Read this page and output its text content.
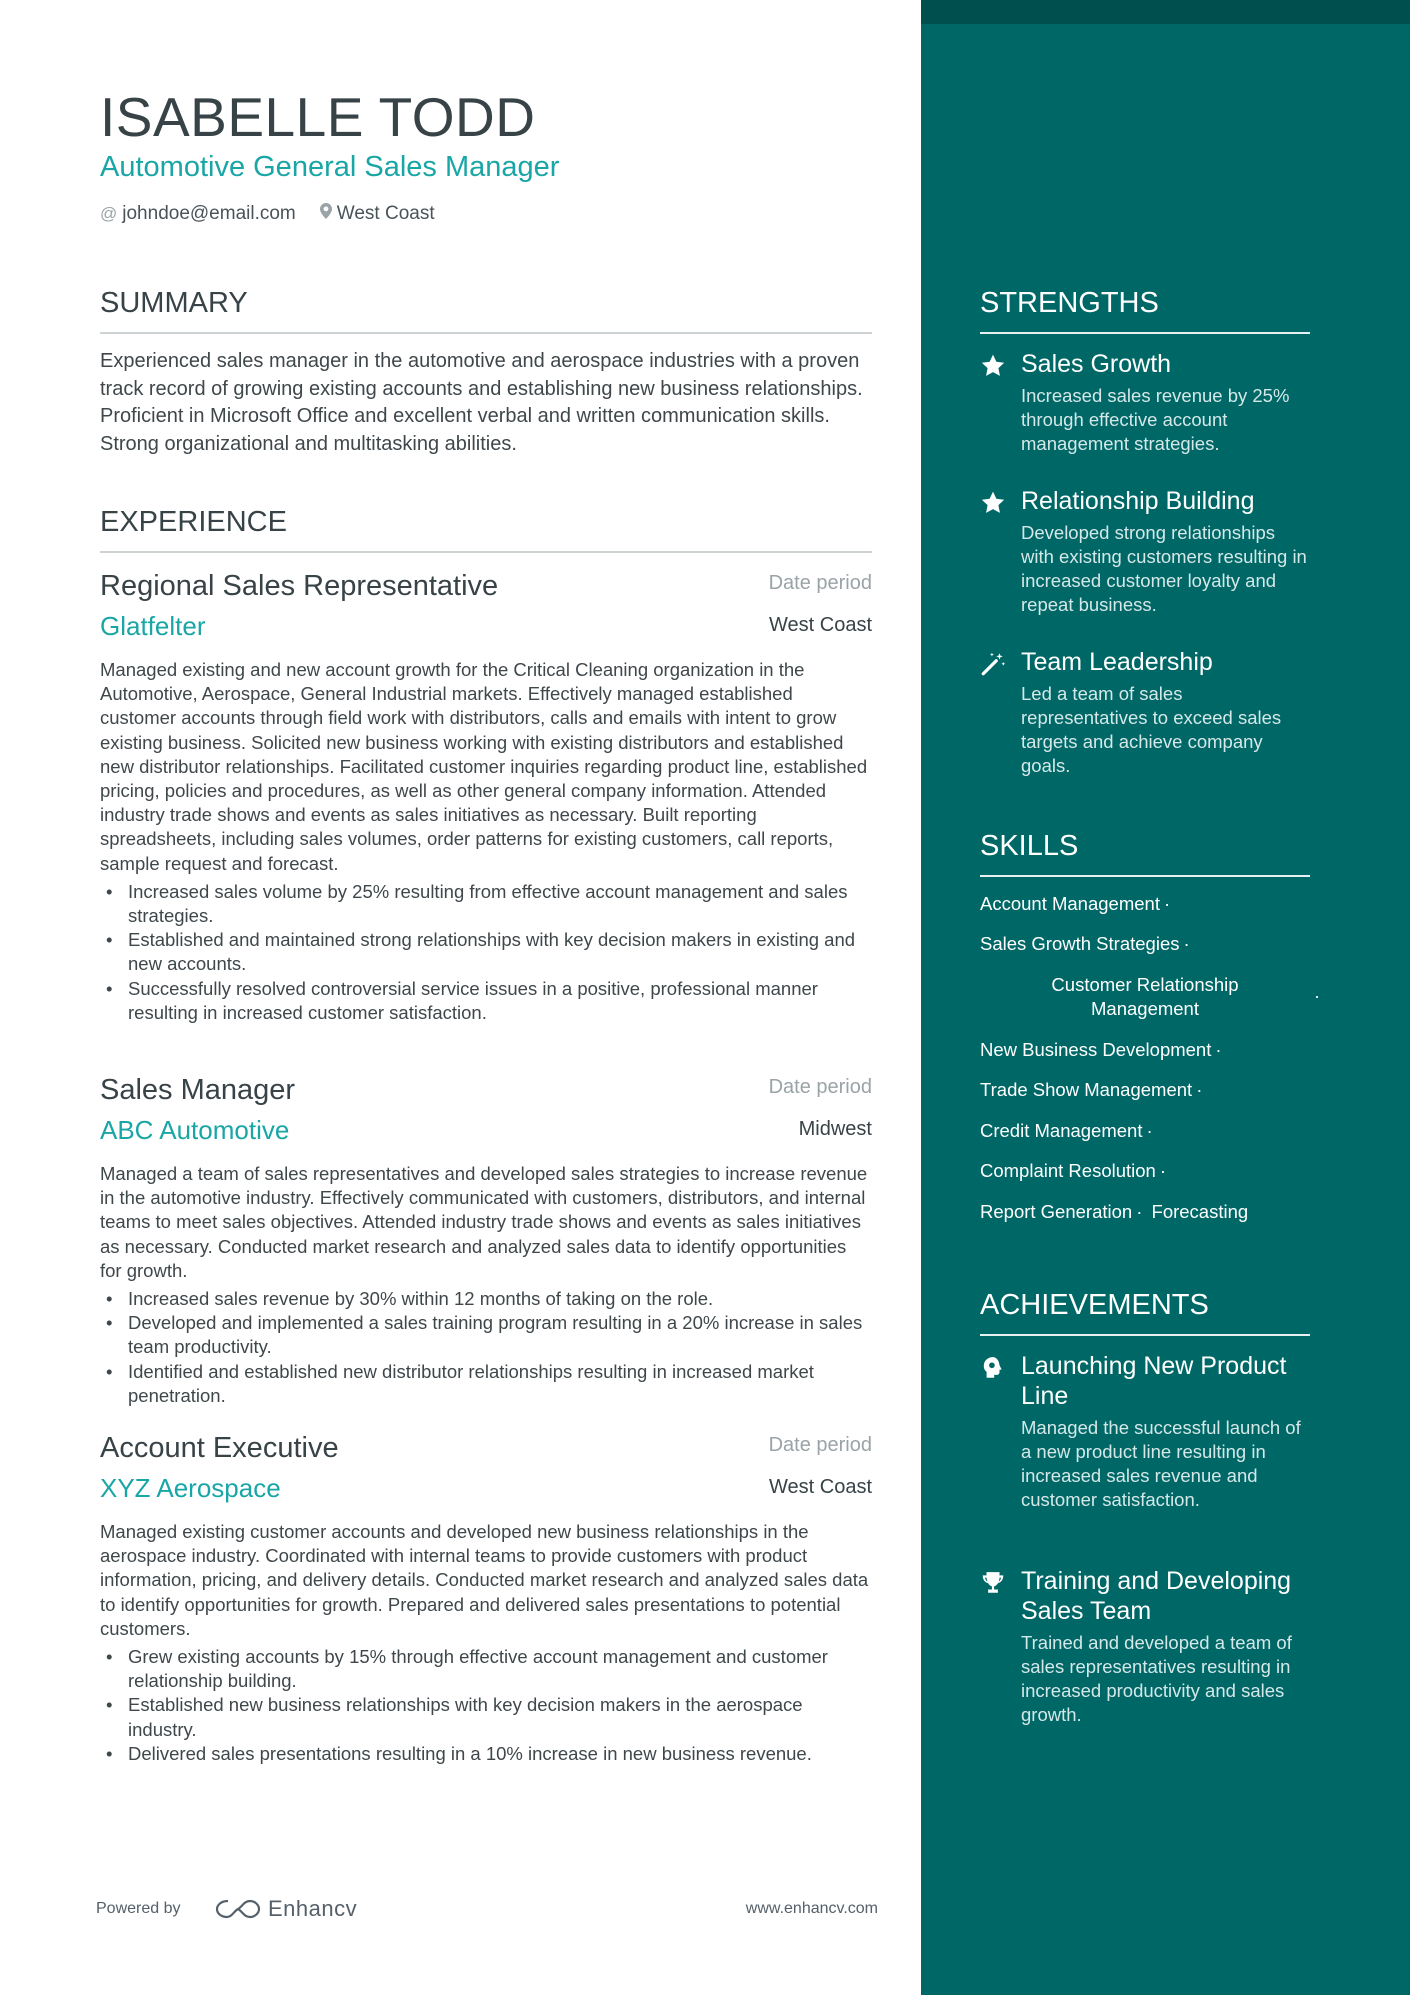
ISABELLE TODD
Automotive General Sales Manager
@ johndoe@email.com West Coast
SUMMARY
Experienced sales manager in the automotive and aerospace industries with a proven track record of growing existing accounts and establishing new business relationships. Proficient in Microsoft Office and excellent verbal and written communication skills. Strong organizational and multitasking abilities.
EXPERIENCE
Regional Sales Representative	Date period
Glatfelter	West Coast
Managed existing and new account growth for the Critical Cleaning organization in the Automotive, Aerospace, General Industrial markets. Effectively managed established customer accounts through field work with distributors, calls and emails with intent to grow existing business. Solicited new business working with existing distributors and established new distributor relationships. Facilitated customer inquiries regarding product line, established pricing, policies and procedures, as well as other general company information. Attended industry trade shows and events as sales initiatives as necessary. Built reporting spreadsheets, including sales volumes, order patterns for existing customers, call reports, sample request and forecast.
• Increased sales volume by 25% resulting from effective account management and sales strategies.
• Established and maintained strong relationships with key decision makers in existing and new accounts.
• Successfully resolved controversial service issues in a positive, professional manner resulting in increased customer satisfaction.
Sales Manager	Date period
ABC Automotive	Midwest
Managed a team of sales representatives and developed sales strategies to increase revenue in the automotive industry. Effectively communicated with customers, distributors, and internal teams to meet sales objectives. Attended industry trade shows and events as sales initiatives as necessary. Conducted market research and analyzed sales data to identify opportunities for growth.
• Increased sales revenue by 30% within 12 months of taking on the role.
• Developed and implemented a sales training program resulting in a 20% increase in sales team productivity.
• Identified and established new distributor relationships resulting in increased market penetration.
Account Executive	Date period
XYZ Aerospace	West Coast
Managed existing customer accounts and developed new business relationships in the aerospace industry. Coordinated with internal teams to provide customers with product information, pricing, and delivery details. Conducted market research and analyzed sales data to identify opportunities for growth. Prepared and delivered sales presentations to potential customers.
• Grew existing accounts by 15% through effective account management and customer relationship building.
• Established new business relationships with key decision makers in the aerospace industry.
• Delivered sales presentations resulting in a 10% increase in new business revenue.
Powered by	Enhancv	www.enhancv.com
STRENGTHS
Sales Growth
Increased sales revenue by 25% through effective account management strategies.
Relationship Building
Developed strong relationships with existing customers resulting in increased customer loyalty and repeat business.
Team Leadership
Led a team of sales representatives to exceed sales targets and achieve company goals.
SKILLS
Account Management ·
Sales Growth Strategies ·
Customer Relationship Management
New Business Development ·
Trade Show Management ·
Credit Management ·
Complaint Resolution ·
Report Generation · Forecasting
ACHIEVEMENTS
Launching New Product Line
Managed the successful launch of a new product line resulting in increased sales revenue and customer satisfaction.
Training and Developing Sales Team
Trained and developed a team of sales representatives resulting in increased productivity and sales growth.
·
